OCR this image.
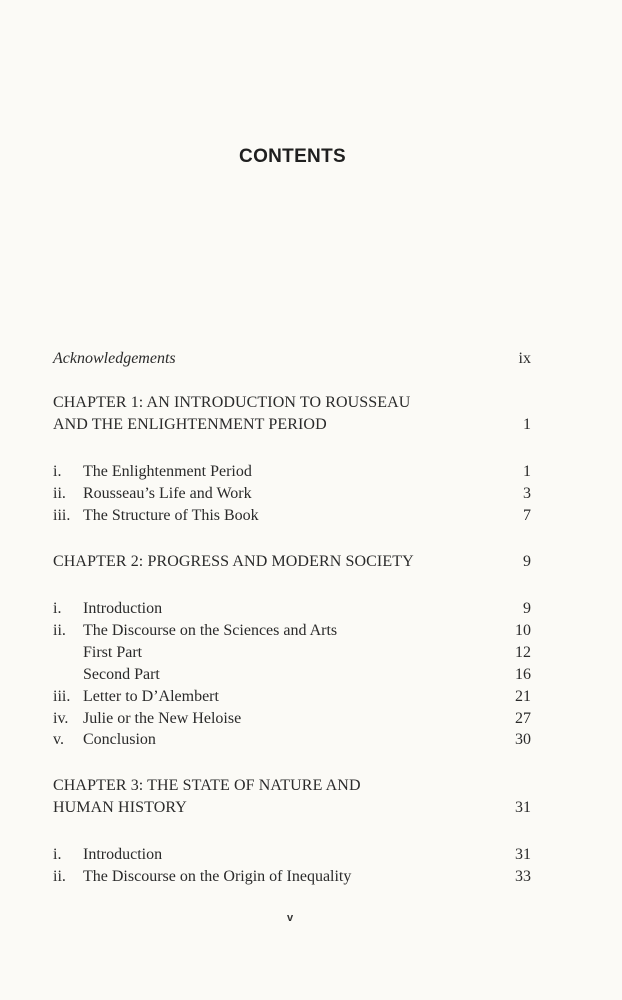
CONTENTS
Acknowledgements	ix
CHAPTER 1: AN INTRODUCTION TO ROUSSEAU
AND THE ENLIGHTENMENT PERIOD	1
i. The Enlightenment Period	1
ii. Rousseau’s Life and Work	3
iii. The Structure of This Book	7
CHAPTER 2: PROGRESS AND MODERN SOCIETY	9
i. Introduction	9
ii. The Discourse on the Sciences and Arts	10
First Part	12
Second Part	16
iii. Letter to D’Alembert	21
iv. Julie or the New Heloise	27
v. Conclusion	30
CHAPTER 3: THE STATE OF NATURE AND
HUMAN HISTORY	31
i. Introduction	31
ii. The Discourse on the Origin of Inequality	33
v
